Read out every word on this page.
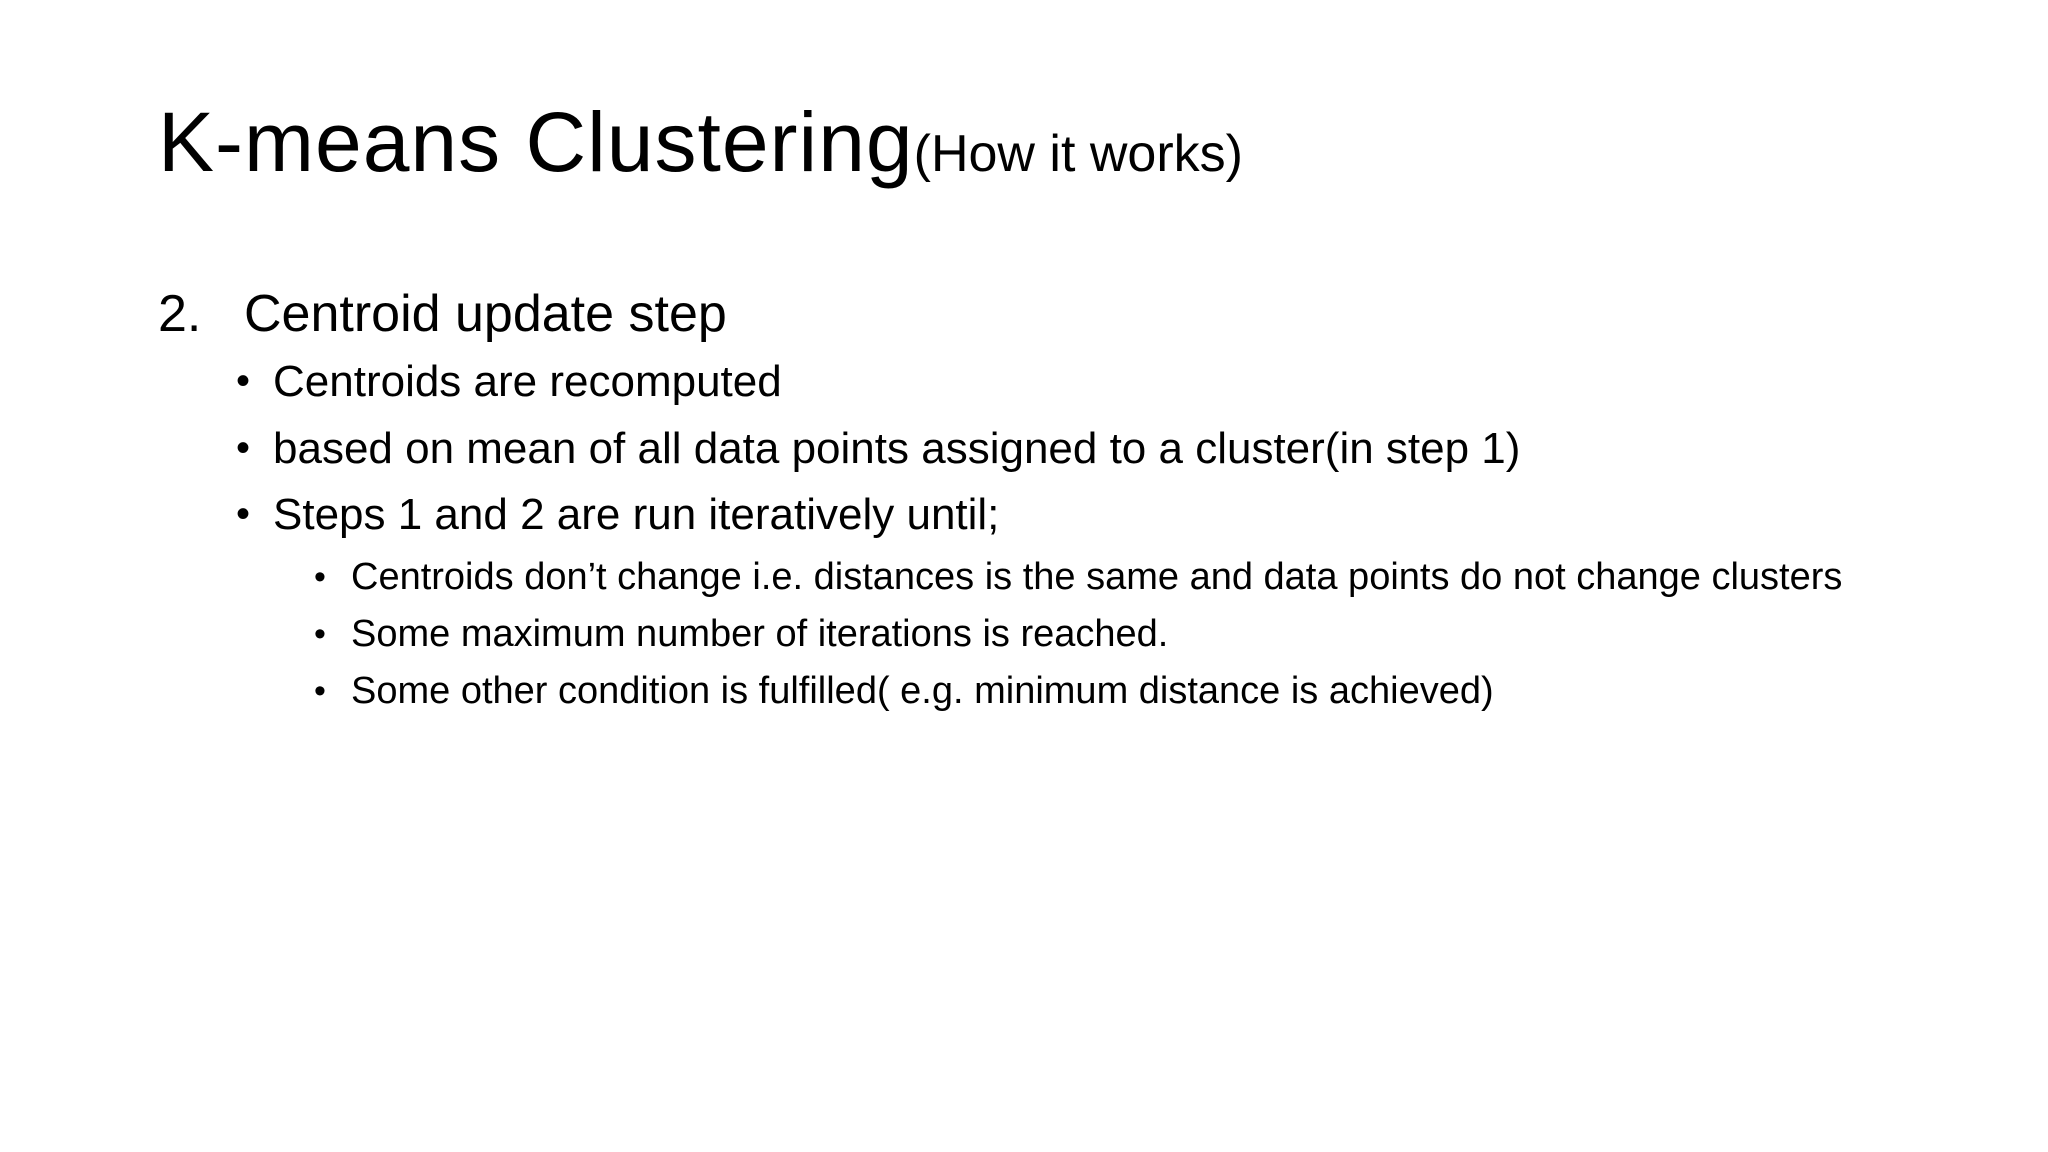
K-means Clustering(How it works)
2. Centroid update step
• Centroids are recomputed
• based on mean of all data points assigned to a cluster(in step 1)
• Steps 1 and 2 are run iteratively until;
• Centroids don’t change i.e. distances is the same and data points do not change clusters
• Some maximum number of iterations is reached.
• Some other condition is fulfilled( e.g. minimum distance is achieved)
